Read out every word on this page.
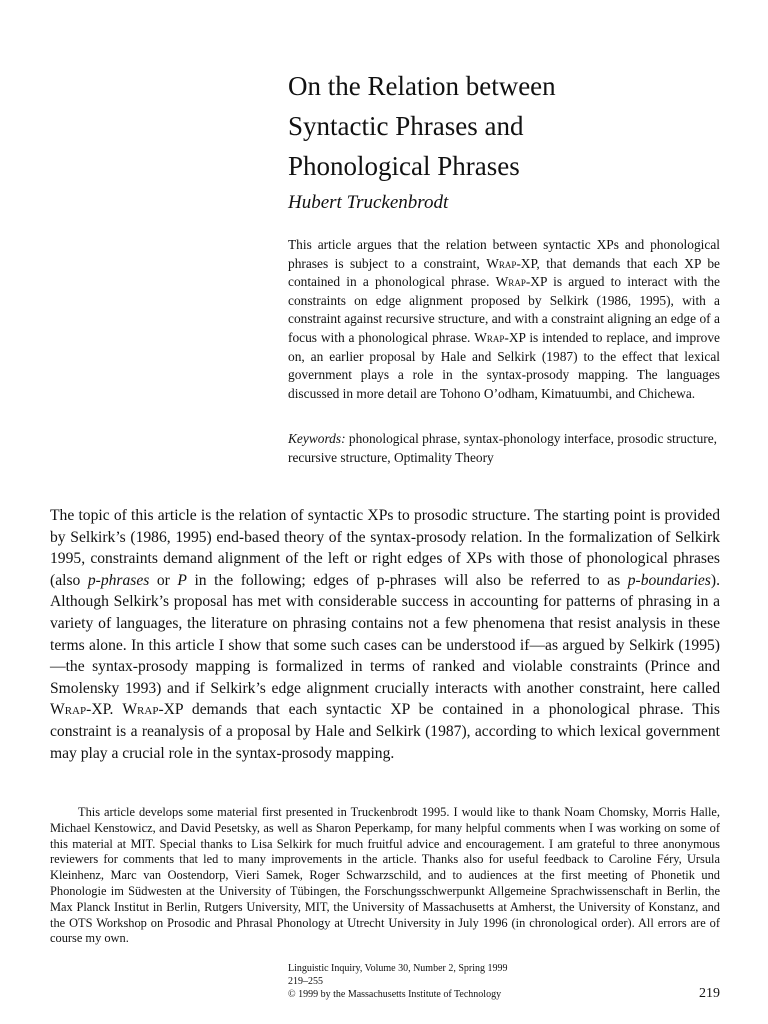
On the Relation between
Syntactic Phrases and
Phonological Phrases
Hubert Truckenbrodt

This article argues that the relation between syntactic XPs and phonological phrases is subject to a constraint, Wrap-XP, that demands that each XP be contained in a phonological phrase. Wrap-XP is argued to interact with the constraints on edge alignment proposed by Selkirk (1986, 1995), with a constraint against recursive structure, and with a constraint aligning an edge of a focus with a phonological phrase. Wrap-XP is intended to replace, and improve on, an earlier proposal by Hale and Selkirk (1987) to the effect that lexical government plays a role in the syntax-prosody mapping. The languages discussed in more detail are Tohono O’odham, Kimatuumbi, and Chichewa.

Keywords: phonological phrase, syntax-phonology interface, prosodic structure, recursive structure, Optimality Theory

The topic of this article is the relation of syntactic XPs to prosodic structure. The starting point is provided by Selkirk’s (1986, 1995) end-based theory of the syntax-prosody relation. In the formalization of Selkirk 1995, constraints demand alignment of the left or right edges of XPs with those of phonological phrases (also p-phrases or P in the following; edges of p-phrases will also be referred to as p-boundaries). Although Selkirk’s proposal has met with considerable success in accounting for patterns of phrasing in a variety of languages, the literature on phrasing contains not a few phenomena that resist analysis in these terms alone. In this article I show that some such cases can be understood if—as argued by Selkirk (1995)—the syntax-prosody mapping is formalized in terms of ranked and violable constraints (Prince and Smolensky 1993) and if Selkirk’s edge alignment crucially interacts with another constraint, here called Wrap-XP. Wrap-XP demands that each syntactic XP be contained in a phonological phrase. This constraint is a reanalysis of a proposal by Hale and Selkirk (1987), according to which lexical government may play a crucial role in the syntax-prosody mapping.

This article develops some material first presented in Truckenbrodt 1995. I would like to thank Noam Chomsky, Morris Halle, Michael Kenstowicz, and David Pesetsky, as well as Sharon Peperkamp, for many helpful comments when I was working on some of this material at MIT. Special thanks to Lisa Selkirk for much fruitful advice and encouragement. I am grateful to three anonymous reviewers for comments that led to many improvements in the article. Thanks also for useful feedback to Caroline Féry, Ursula Kleinhenz, Marc van Oostendorp, Vieri Samek, Roger Schwarzschild, and to audiences at the first meeting of Phonetik und Phonologie im Südwesten at the University of Tübingen, the Forschungsschwerpunkt Allgemeine Sprachwissenschaft in Berlin, the Max Planck Institut in Berlin, Rutgers University, MIT, the University of Massachusetts at Amherst, the University of Konstanz, and the OTS Workshop on Prosodic and Phrasal Phonology at Utrecht University in July 1996 (in chronological order). All errors are of course my own.

Linguistic Inquiry, Volume 30, Number 2, Spring 1999
219–255
© 1999 by the Massachusetts Institute of Technology	219
